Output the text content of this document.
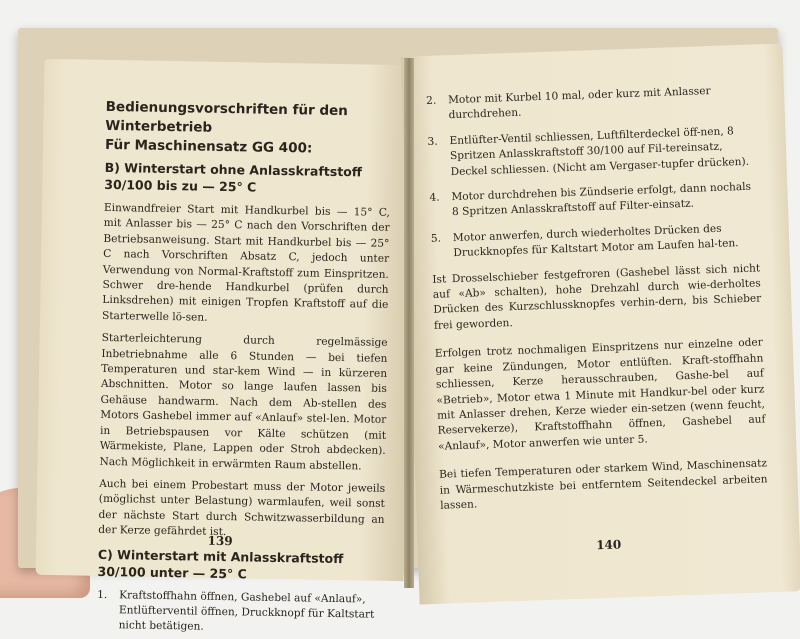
Bedienungsvorschriften für den Winterbetrieb
Für Maschinensatz GG 400:
B) Winterstart ohne Anlasskraftstoff 30/100 bis zu — 25° C

Einwandfreier Start mit Handkurbel bis — 15° C, mit Anlasser bis — 25° C nach den Vorschriften der Betriebsanweisung. Start mit Handkurbel bis — 25° C nach Vorschriften Absatz C, jedoch unter Verwendung von Normal-Kraftstoff zum Einspritzen. Schwer dre-hende Handkurbel (prüfen durch Linksdrehen) mit einigen Tropfen Kraftstoff auf die Starterwelle lö-sen.

Starterleichterung durch regelmässige Inbetriebnahme alle 6 Stunden — bei tiefen Temperaturen und star-kem Wind — in kürzeren Abschnitten. Motor so lange laufen lassen bis Gehäuse handwarm. Nach dem Ab-stellen des Motors Gashebel immer auf «Anlauf» stel-len. Motor in Betriebspausen vor Kälte schützen (mit Wärmekiste, Plane, Lappen oder Stroh abdecken). Nach Möglichkeit in erwärmten Raum abstellen.

Auch bei einem Probestart muss der Motor jeweils (möglichst unter Belastung) warmlaufen, weil sonst der nächste Start durch Schwitzwasserbildung an der Kerze gefährdet ist.

C) Winterstart mit Anlasskraftstoff 30/100 unter — 25° C
1.	Kraftstoffhahn öffnen, Gashebel auf «Anlauf», Entlüfterventil öffnen, Druckknopf für Kaltstart nicht betätigen.
139
2.	Motor mit Kurbel 10 mal, oder kurz mit Anlasser durchdrehen.
3.	Entlüfter-Ventil schliessen, Luftfilterdeckel öff-nen, 8 Spritzen Anlasskraftstoff 30/100 auf Fil-tereinsatz, Deckel schliessen. (Nicht am Vergaser-tupfer drücken).
4.	Motor durchdrehen bis Zündserie erfolgt, dann nochals 8 Spritzen Anlasskraftstoff auf Filter-einsatz.
5.	Motor anwerfen, durch wiederholtes Drücken des Druckknopfes für Kaltstart Motor am Laufen hal-ten.

Ist Drosselschieber festgefroren (Gashebel lässt sich nicht auf «Ab» schalten), hohe Drehzahl durch wie-derholtes Drücken des Kurzschlussknopfes verhin-dern, bis Schieber frei geworden.

Erfolgen trotz nochmaligen Einspritzens nur einzelne oder gar keine Zündungen, Motor entlüften. Kraft-stoffhahn schliessen, Kerze herausschrauben, Gashe-bel auf «Betrieb», Motor etwa 1 Minute mit Handkur-bel oder kurz mit Anlasser drehen, Kerze wieder ein-setzen (wenn feucht, Reservekerze), Kraftstoffhahn öffnen, Gashebel auf «Anlauf», Motor anwerfen wie unter 5.

Bei tiefen Temperaturen oder starkem Wind, Maschinensatz in Wärmeschutzkiste bei entferntem Seitendeckel arbeiten lassen.

140
